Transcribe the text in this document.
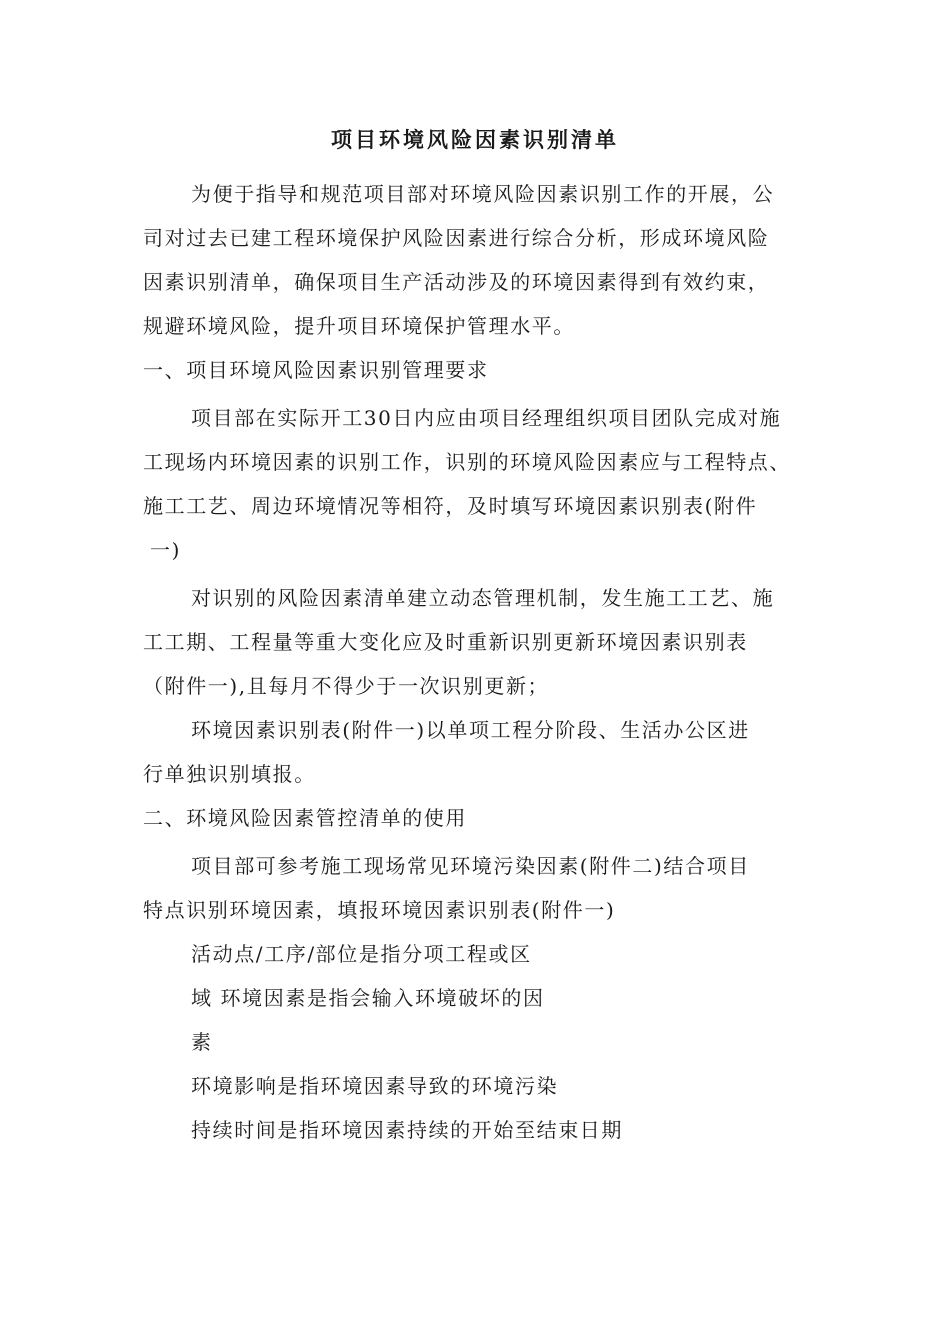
项目环境风险因素识别清单
为便于指导和规范项目部对环境风险因素识别工作的开展，公
司对过去已建工程环境保护风险因素进行综合分析，形成环境风险
因素识别清单，确保项目生产活动涉及的环境因素得到有效约束，
规避环境风险，提升项目环境保护管理水平。
一、项目环境风险因素识别管理要求
项目部在实际开工30日内应由项目经理组织项目团队完成对施
工现场内环境因素的识别工作，识别的环境风险因素应与工程特点、
施工工艺、周边环境情况等相符，及时填写环境因素识别表(附件
一)
对识别的风险因素清单建立动态管理机制，发生施工工艺、施
工工期、工程量等重大变化应及时重新识别更新环境因素识别表
（附件一),且每月不得少于一次识别更新；
环境因素识别表(附件一)以单项工程分阶段、生活办公区进
行单独识别填报。
二、环境风险因素管控清单的使用
项目部可参考施工现场常见环境污染因素(附件二)结合项目
特点识别环境因素，填报环境因素识别表(附件一)
活动点/工序/部位是指分项工程或区
域 环境因素是指会输入环境破坏的因
素
环境影响是指环境因素导致的环境污染
持续时间是指环境因素持续的开始至结束日期
